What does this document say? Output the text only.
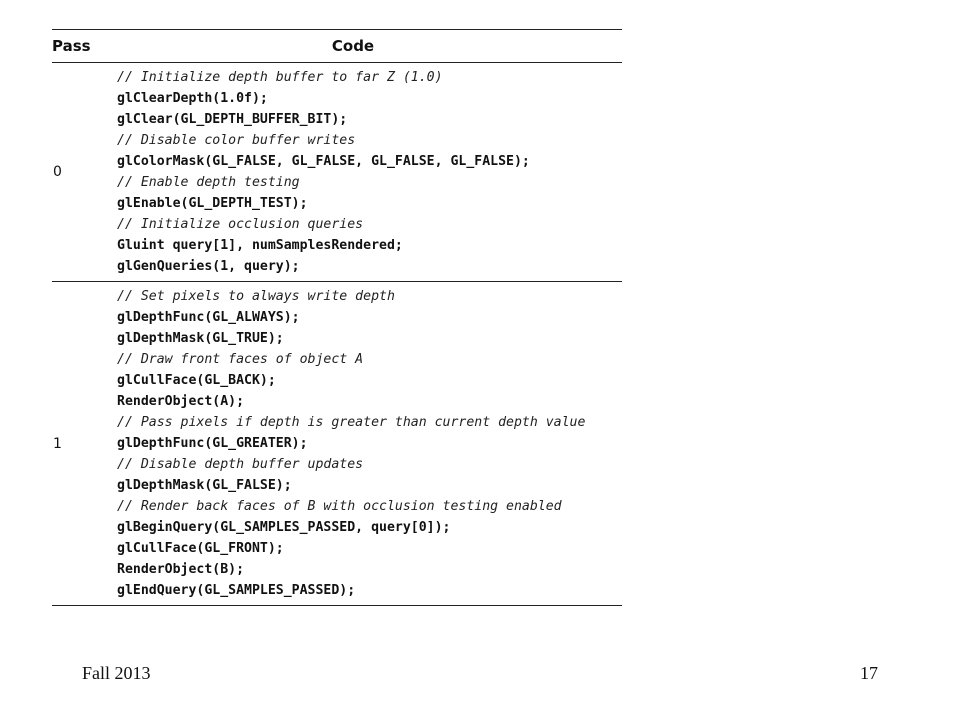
Pass	Code
0
// Initialize depth buffer to far Z (1.0)
glClearDepth(1.0f);
glClear(GL_DEPTH_BUFFER_BIT);
// Disable color buffer writes
glColorMask(GL_FALSE, GL_FALSE, GL_FALSE, GL_FALSE);
// Enable depth testing
glEnable(GL_DEPTH_TEST);
// Initialize occlusion queries
Gluint query[1], numSamplesRendered;
glGenQueries(1, query);
1
// Set pixels to always write depth
glDepthFunc(GL_ALWAYS);
glDepthMask(GL_TRUE);
// Draw front faces of object A
glCullFace(GL_BACK);
RenderObject(A);
// Pass pixels if depth is greater than current depth value
glDepthFunc(GL_GREATER);
// Disable depth buffer updates
glDepthMask(GL_FALSE);
// Render back faces of B with occlusion testing enabled
glBeginQuery(GL_SAMPLES_PASSED, query[0]);
glCullFace(GL_FRONT);
RenderObject(B);
glEndQuery(GL_SAMPLES_PASSED);
Fall 2013	17
